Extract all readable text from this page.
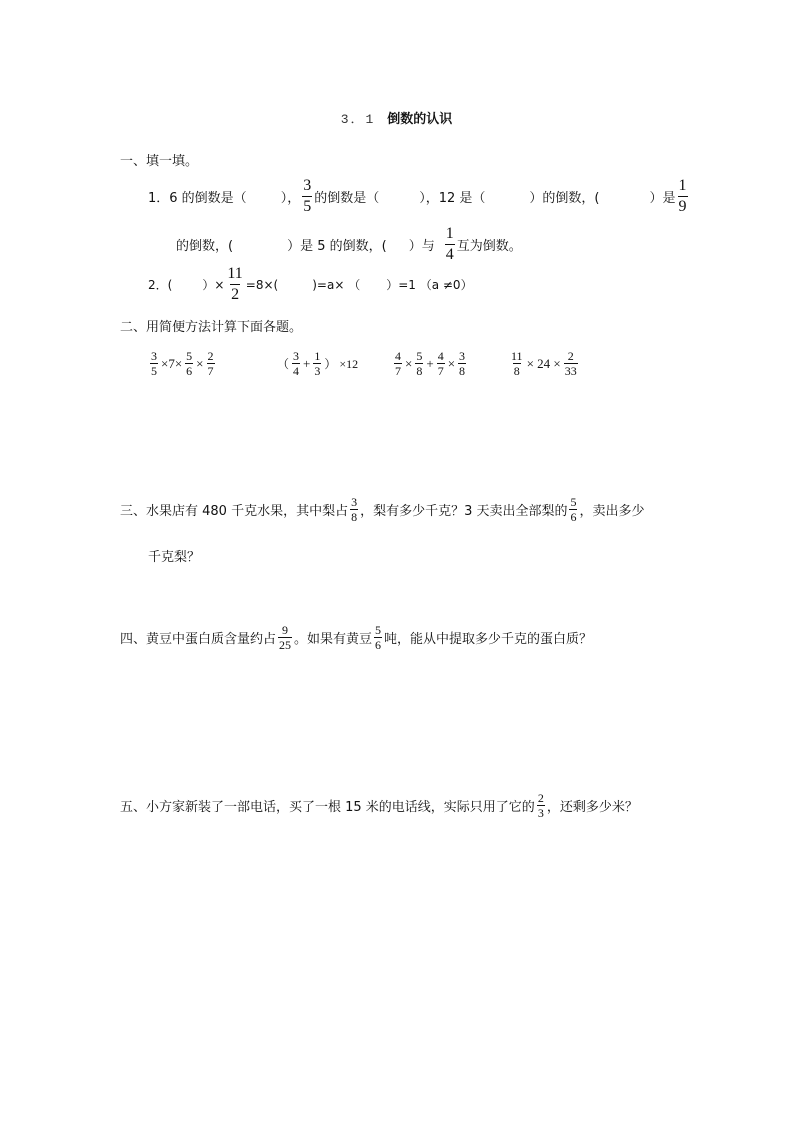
3．1 倒数的认识
一、填一填。
1．6 的倒数是（	）， $\frac{3}{5}$ 的倒数是（	），12 是（	）的倒数，(	）是 $\frac{1}{9}$
的倒数，(	）是 5 的倒数，( ）与 $\frac{1}{4}$ 互为倒数。
2．(	）× $\frac{11}{2} =8\times$(	)=a× （ ）=1 （a ≠0）
二、用简便方法计算下面各题。
$\frac{3}{5} \times 7\times \frac{5}{6} \times \frac{2}{7}$	（ $\frac{3}{4} + \frac{1}{3}$ ） ×12	$\frac{4}{7} \times \frac{5}{8} + \frac{4}{7} \times \frac{3}{8}$	$\frac{11}{8} \times 24 \times \frac{2}{33}$
三、水果店有 480 千克水果，其中梨占 $\frac{3}{8}$ ，梨有多少千克？3 天卖出全部梨的 $\frac{5}{6}$ ，卖出多少
千克梨？
四、黄豆中蛋白质含量约占 $\frac{9}{25}$ 。如果有黄豆 $\frac{5}{6}$ 吨，能从中提取多少千克的蛋白质？
五、小方家新装了一部电话，买了一根 15 米的电话线，实际只用了它的 $\frac{2}{3}$ ，还剩多少米？
